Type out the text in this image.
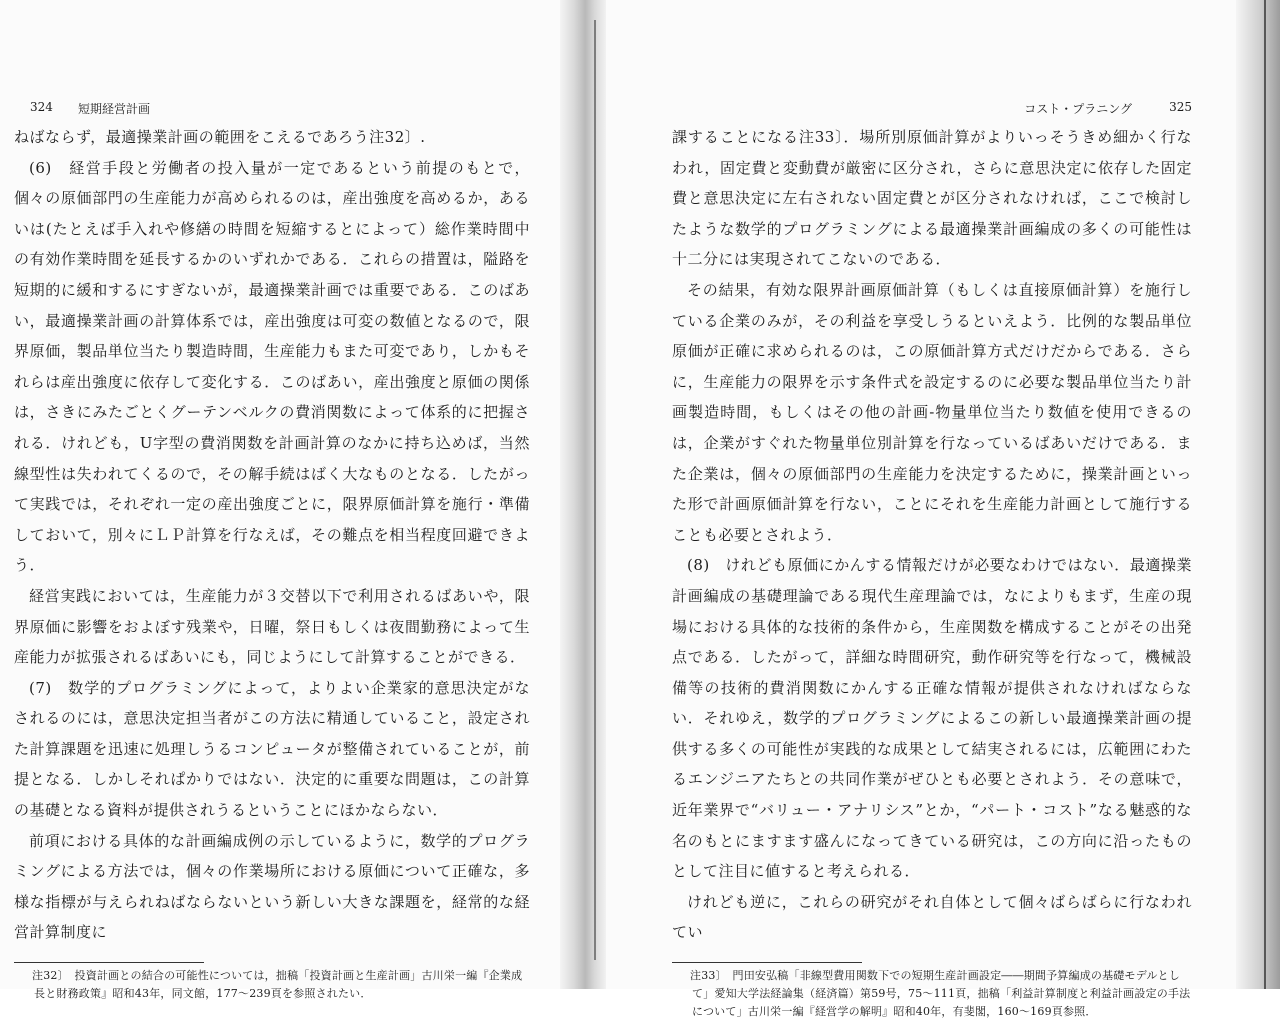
324 短期経営計画

ねばならず，最適操業計画の範囲をこえるであろう注32〕.

(6)　経営手段と労働者の投入量が一定であるという前提のもとで，個々の原価部門の生産能力が高められるのは，産出強度を高めるか，あるいは(たとえば手入れや修繕の時間を短縮するとによって）総作業時間中の有効作業時間を延長するかのいずれかである．これらの措置は，隘路を短期的に緩和するにすぎないが，最適操業計画では重要である．このばあい，最適操業計画の計算体系では，産出強度は可変の数値となるので，限界原価，製品単位当たり製造時間，生産能力もまた可変であり，しかもそれらは産出強度に依存して変化する．このばあい，産出強度と原価の関係は，さきにみたごとくグーテンベルクの費消関数によって体系的に把握される．けれども，U字型の費消関数を計画計算のなかに持ち込めば，当然線型性は失われてくるので，その解手続はばく大なものとなる．したがって実践では，それぞれ一定の産出強度ごとに，限界原価計算を施行・準備しておいて，別々にＬＰ計算を行なえば，その難点を相当程度回避できよう．

経営実践においては，生産能力が３交替以下で利用されるばあいや，限界原価に影響をおよぼす残業や，日曜，祭日もしくは夜間勤務によって生産能力が拡張されるばあいにも，同じようにして計算することができる．

(7)　数学的プログラミングによって，よりよい企業家的意思決定がなされるのには，意思決定担当者がこの方法に精通していること，設定された計算課題を迅速に処理しうるコンピュータが整備されていることが，前提となる．しかしそれぱかりではない．決定的に重要な問題は，この計算の基礎となる資料が提供されうるということにほかならない．

前項における具体的な計画編成例の示しているように，数学的プログラミングによる方法では，個々の作業場所における原価について正確な，多様な指標が与えられねばならないという新しい大きな課題を，経常的な経営計算制度に

注32〕　投資計画との結合の可能性については，拙稿「投資計画と生産計画」古川栄一編『企業成長と財務政策』昭和43年，同文館，177～239頁を参照されたい．
コスト・プラニング	325

課することになる注33〕．場所別原価計算がよりいっそうきめ細かく行なわれ，固定費と変動費が厳密に区分され，さらに意思決定に依存した固定費と意思決定に左右されない固定費とが区分されなければ，ここで検討したような数学的プログラミングによる最適操業計画編成の多くの可能性は十二分には実現されてこないのである．

その結果，有効な限界計画原価計算（もしくは直接原価計算）を施行している企業のみが，その利益を享受しうるといえよう．比例的な製品単位原価が正確に求められるのは，この原価計算方式だけだからである．さらに，生産能力の限界を示す条件式を設定するのに必要な製品単位当たり計画製造時間，もしくはその他の計画-物量単位当たり数値を使用できるのは，企業がすぐれた物量単位別計算を行なっているばあいだけである．また企業は，個々の原価部門の生産能力を決定するために，操業計画といった形で計画原価計算を行ない，ことにそれを生産能力計画として施行することも必要とされよう．

(8)　けれども原価にかんする情報だけが必要なわけではない．最適操業計画編成の基礎理論である現代生産理論では，なによりもまず，生産の現場における具体的な技術的条件から，生産関数を構成することがその出発点である．したがって，詳細な時間研究，動作研究等を行なって，機械設備等の技術的費消関数にかんする正確な情報が提供されなければならない．それゆえ，数学的プログラミングによるこの新しい最適操業計画の提供する多くの可能性が実践的な成果として結実されるには，広範囲にわたるエンジニアたちとの共同作業がぜひとも必要とされよう．その意味で，近年業界で“バリュー・アナリシス”とか，“パート・コスト”なる魅惑的な名のもとにますます盛んになってきている研究は，この方向に沿ったものとして注目に値すると考えられる．

けれども逆に，これらの研究がそれ自体として個々ばらばらに行なわれてい

注33〕　門田安弘稿「非線型費用関数下での短期生産計画設定――期間予算編成の基礎モデルとして」愛知大学法経論集（経済篇）第59号，75～111頁，拙稿「利益計算制度と利益計画設定の手法について」古川栄一編『経営学の解明』昭和40年，有斐閣，160～169頁参照．
